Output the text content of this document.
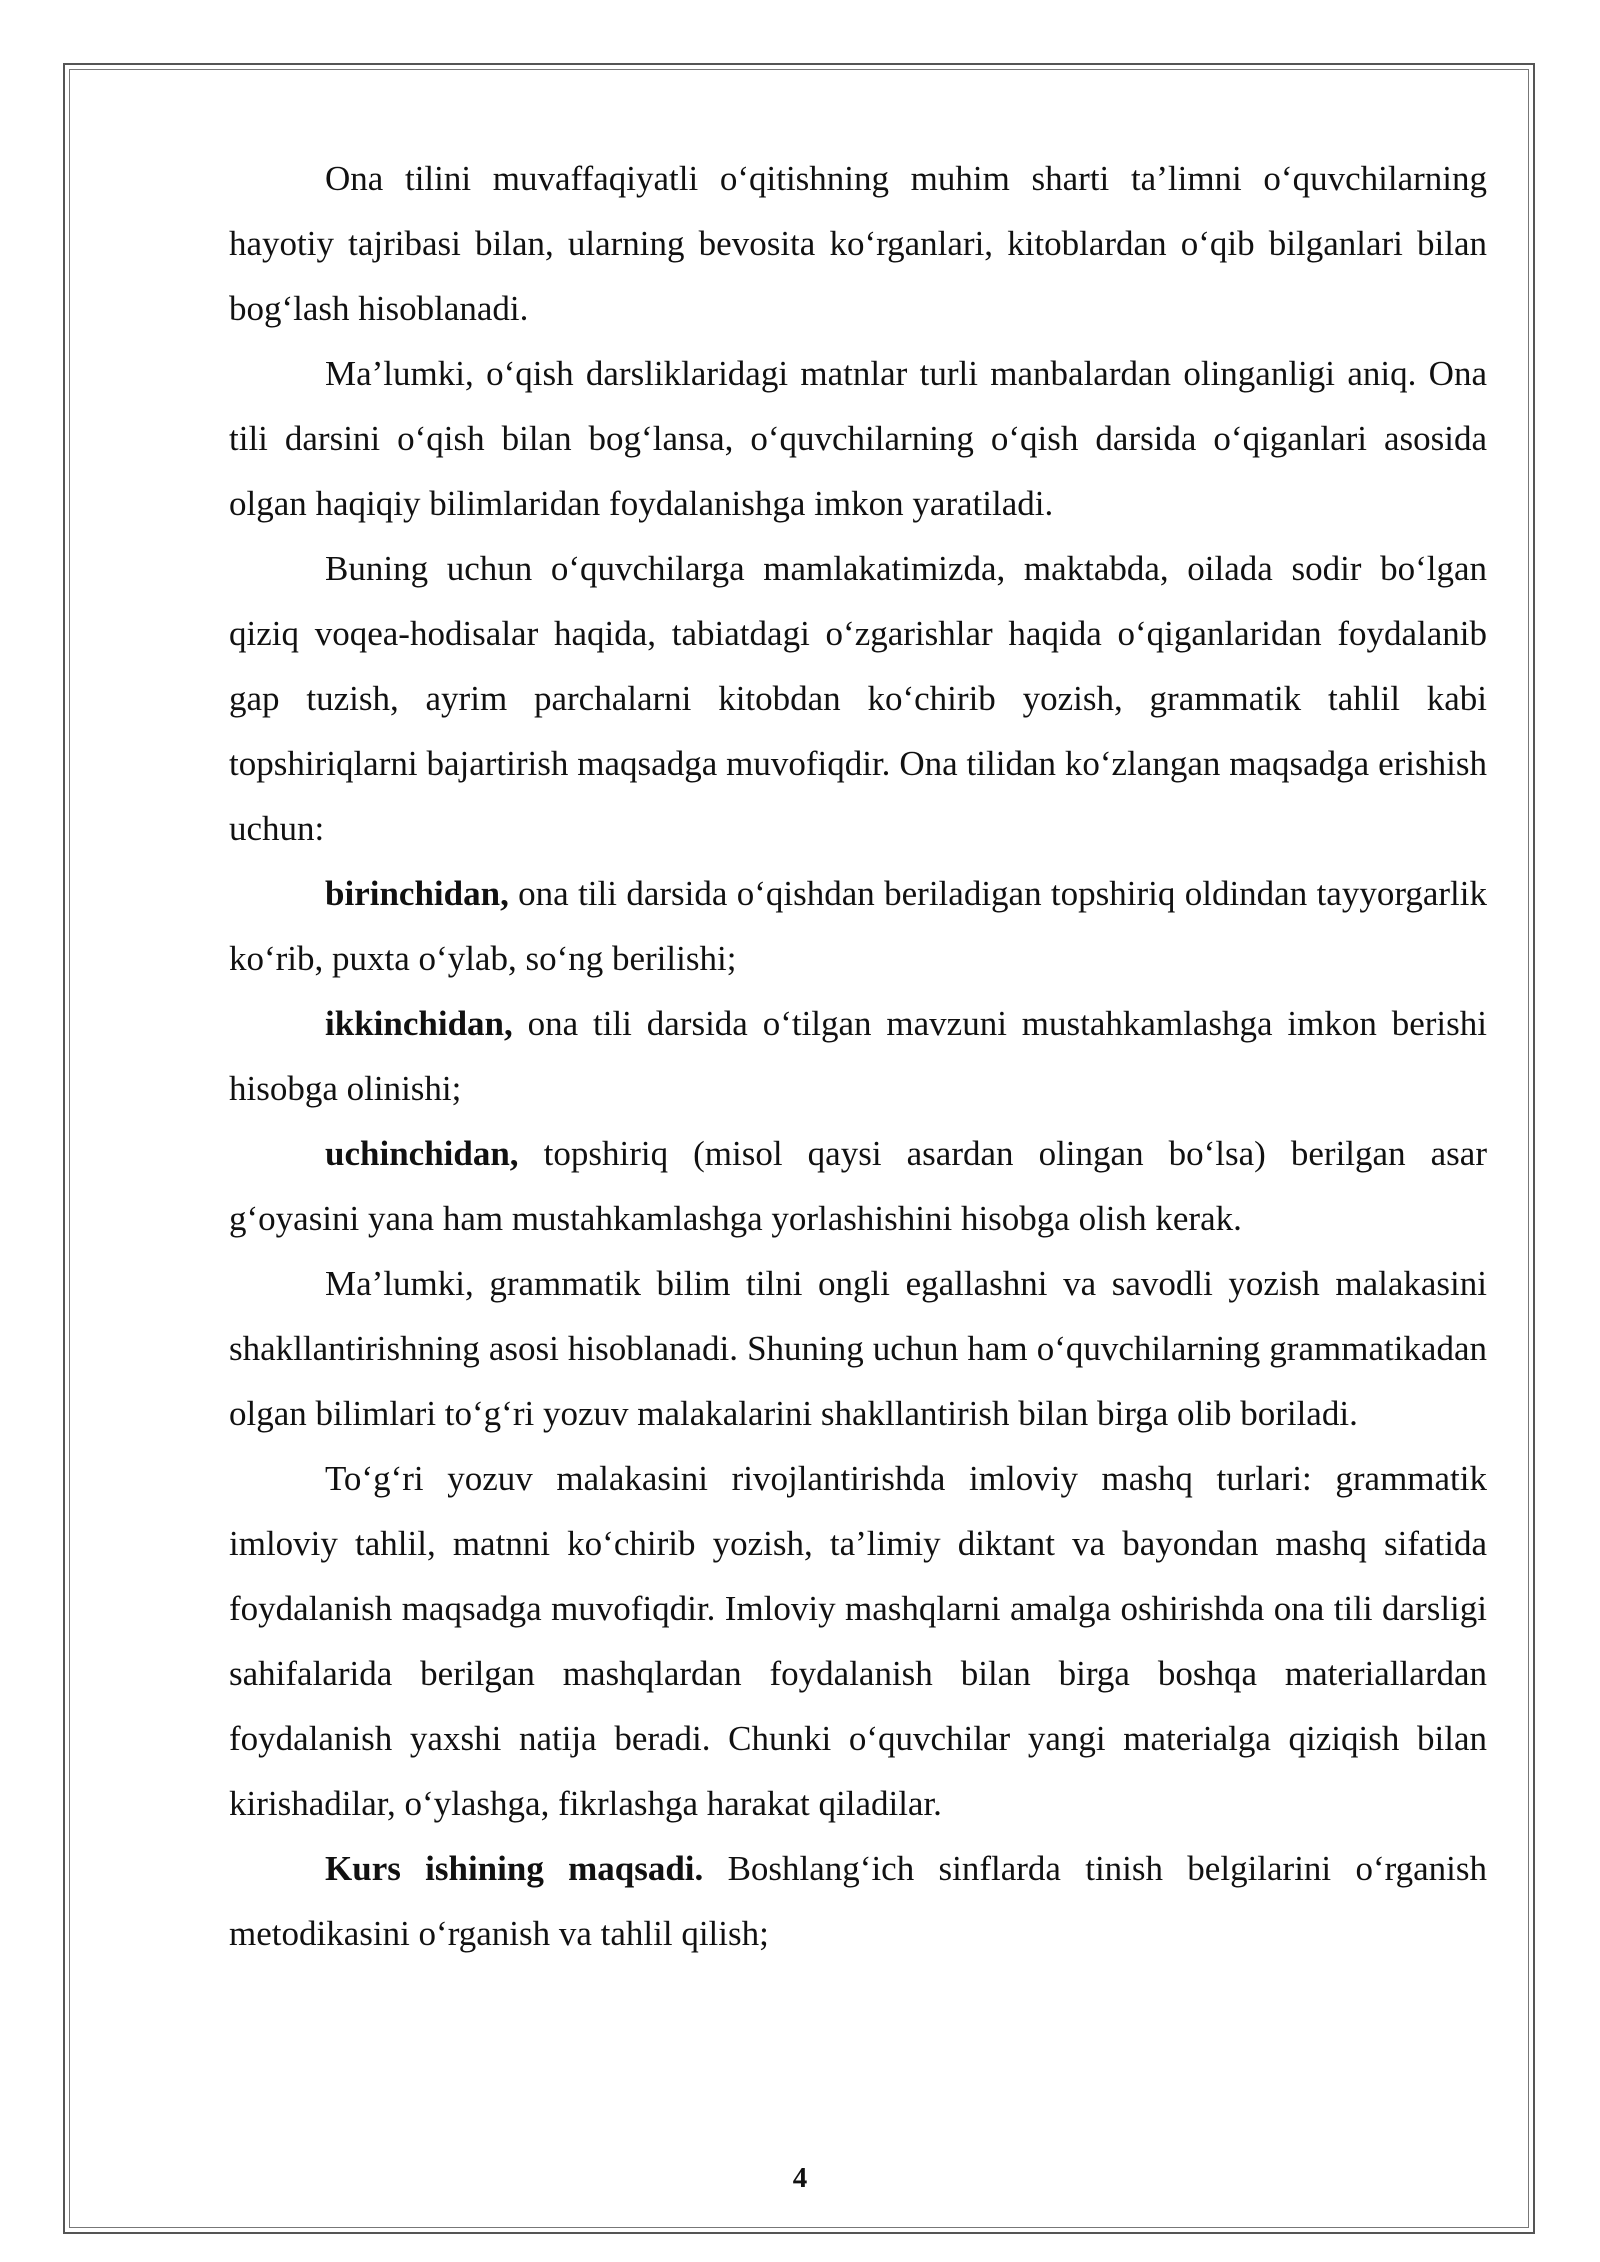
Ona tilini muvaffaqiyatli o‘qitishning muhim sharti ta’limni o‘quvchilarning hayotiy tajribasi bilan, ularning bevosita ko‘rganlari, kitoblardan o‘qib bilganlari bilan bog‘lash hisoblanadi.

Ma’lumki, o‘qish darsliklaridagi matnlar turli manbalardan olinganligi aniq. Ona tili darsini o‘qish bilan bog‘lansa, o‘quvchilarning o‘qish darsida o‘qiganlari asosida olgan haqiqiy bilimlaridan foydalanishga imkon yaratiladi.

Buning uchun o‘quvchilarga mamlakatimizda, maktabda, oilada sodir bo‘lgan qiziq voqea-hodisalar haqida, tabiatdagi o‘zgarishlar haqida o‘qiganlaridan foydalanib gap tuzish, ayrim parchalarni kitobdan ko‘chirib yozish, grammatik tahlil kabi topshiriqlarni bajartirish maqsadga muvofiqdir. Ona tilidan ko‘zlangan maqsadga erishish uchun:

birinchidan, ona tili darsida o‘qishdan beriladigan topshiriq oldindan tayyorgarlik ko‘rib, puxta o‘ylab, so‘ng berilishi;

ikkinchidan, ona tili darsida o‘tilgan mavzuni mustahkamlashga imkon berishi hisobga olinishi;

uchinchidan, topshiriq (misol qaysi asardan olingan bo‘lsa) berilgan asar g‘oyasini yana ham mustahkamlashga yorlashishini hisobga olish kerak.

Ma’lumki, grammatik bilim tilni ongli egallashni va savodli yozish malakasini shakllantirishning asosi hisoblanadi. Shuning uchun ham o‘quvchilarning grammatikadan olgan bilimlari to‘g‘ri yozuv malakalarini shakllantirish bilan birga olib boriladi.

To‘g‘ri yozuv malakasini rivojlantirishda imloviy mashq turlari: grammatik imloviy tahlil, matnni ko‘chirib yozish, ta’limiy diktant va bayondan mashq sifatida foydalanish maqsadga muvofiqdir. Imloviy mashqlarni amalga oshirishda ona tili darsligi sahifalarida berilgan mashqlardan foydalanish bilan birga boshqa materiallardan foydalanish yaxshi natija beradi. Chunki o‘quvchilar yangi materialga qiziqish bilan kirishadilar, o‘ylashga, fikrlashga harakat qiladilar.

Kurs ishining maqsadi. Boshlang‘ich sinflarda tinish belgilarini o‘rganish metodikasini o‘rganish va tahlil qilish;

4
